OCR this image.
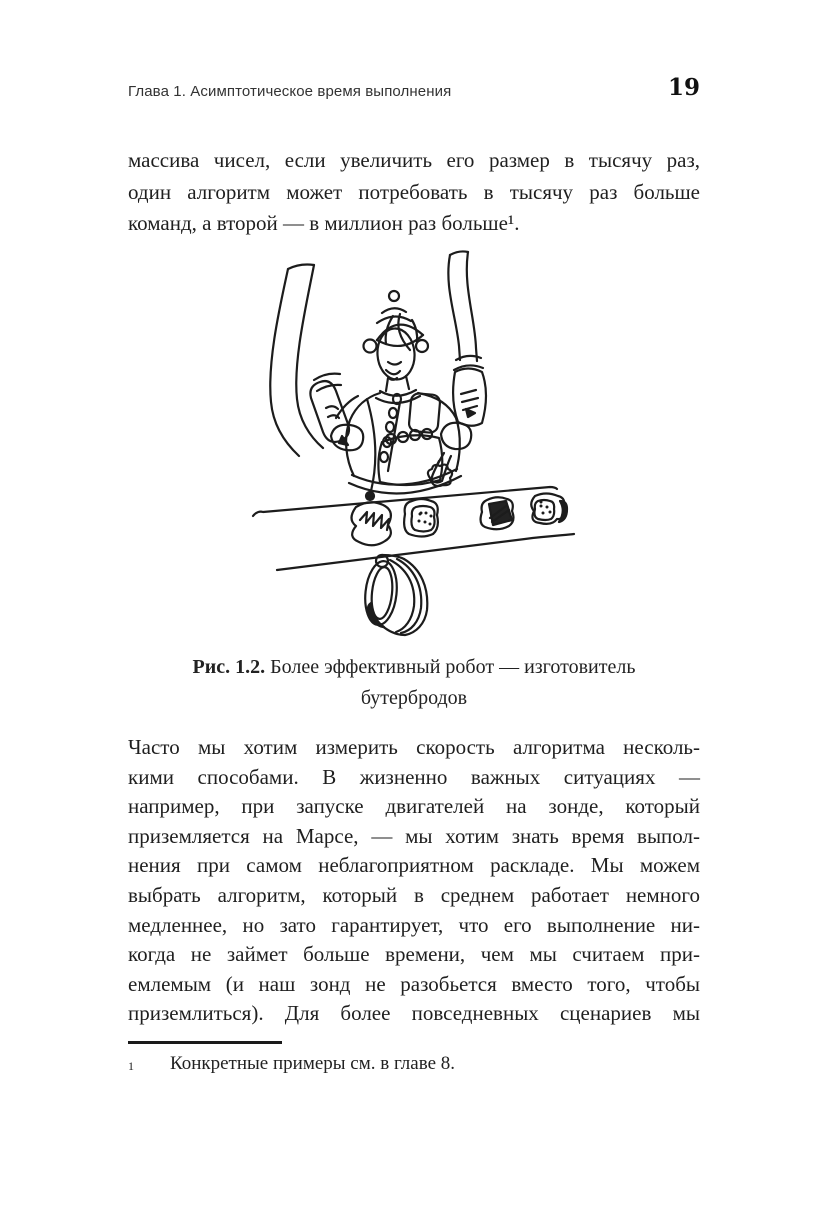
Глава 1. Асимптотическое время выполнения	19
массива чисел, если увеличить его размер в тысячу раз,
один алгоритм может потребовать в тысячу раз больше
команд, а второй — в миллион раз больше¹.
Рис. 1.2. Более эффективный робот — изготовитель
бутербродов
Часто мы хотим измерить скорость алгоритма несколь-
кими способами. В жизненно важных ситуациях —
например, при запуске двигателей на зонде, который
приземляется на Марсе, — мы хотим знать время выпол-
нения при самом неблагоприятном раскладе. Мы можем
выбрать алгоритм, который в среднем работает немного
медленнее, но зато гарантирует, что его выполнение ни-
когда не займет больше времени, чем мы считаем при-
емлемым (и наш зонд не разобьется вместо того, чтобы
приземлиться). Для более повседневных сценариев мы
1	Конкретные примеры см. в главе 8.
